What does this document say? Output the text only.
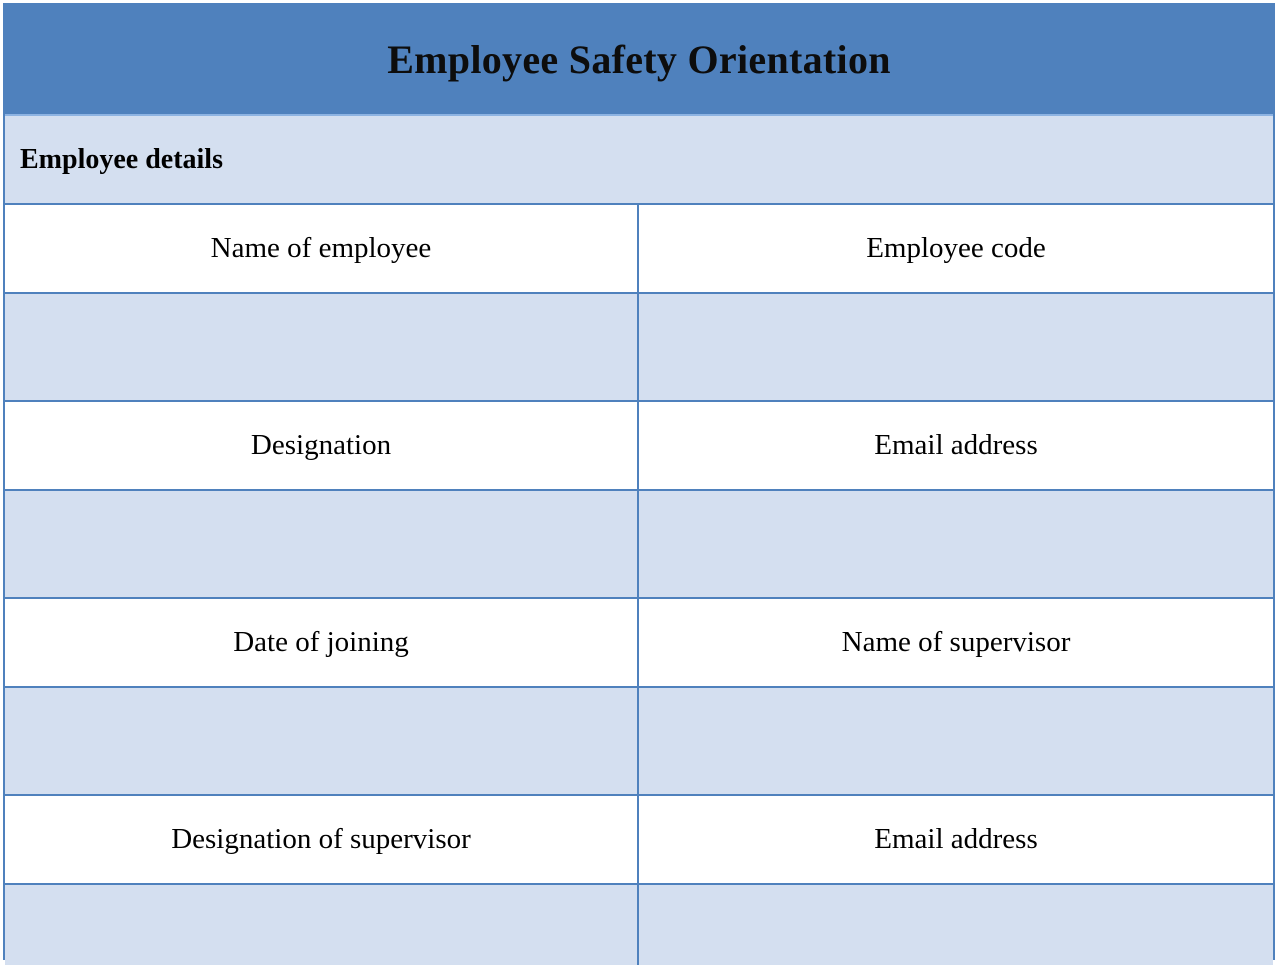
Employee Safety Orientation
Employee details
Name of employee	Employee code
Designation	Email address
Date of joining	Name of supervisor
Designation of supervisor	Email address
